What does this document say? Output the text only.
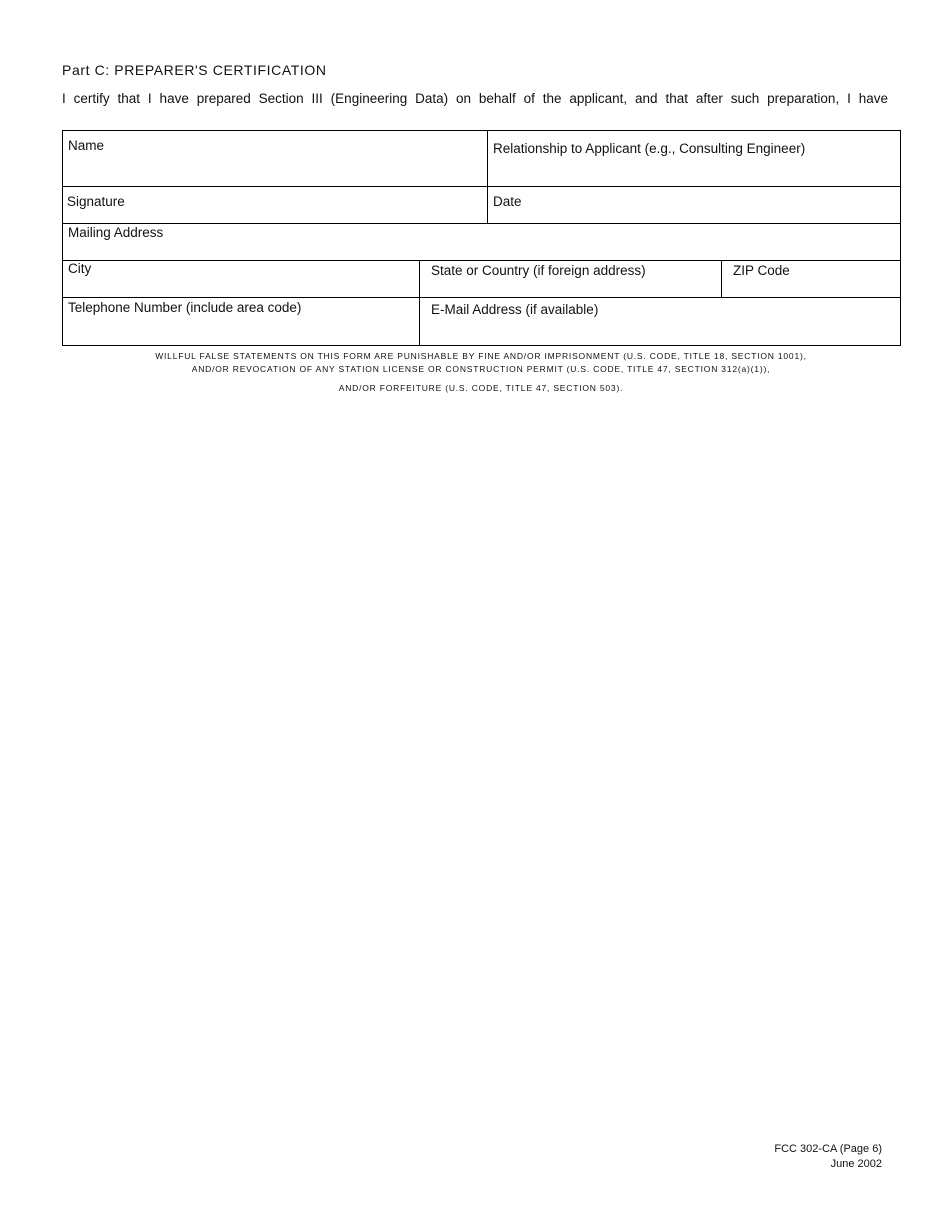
Part C: PREPARER'S CERTIFICATION
I certify that I have prepared Section III (Engineering Data) on behalf of the applicant, and that after such preparation, I have
Name	Relationship to Applicant (e.g., Consulting Engineer)
Signature	Date
Mailing Address
City	State or Country (if foreign address)	ZIP Code
Telephone Number (include area code)	E-Mail Address (if available)
WILLFUL FALSE STATEMENTS ON THIS FORM ARE PUNISHABLE BY FINE AND/OR IMPRISONMENT (U.S. CODE, TITLE 18, SECTION 1001),
AND/OR REVOCATION OF ANY STATION LICENSE OR CONSTRUCTION PERMIT (U.S. CODE, TITLE 47, SECTION 312(a)(1)),
AND/OR FORFEITURE (U.S. CODE, TITLE 47, SECTION 503).
FCC 302-CA (Page 6)
June 2002
